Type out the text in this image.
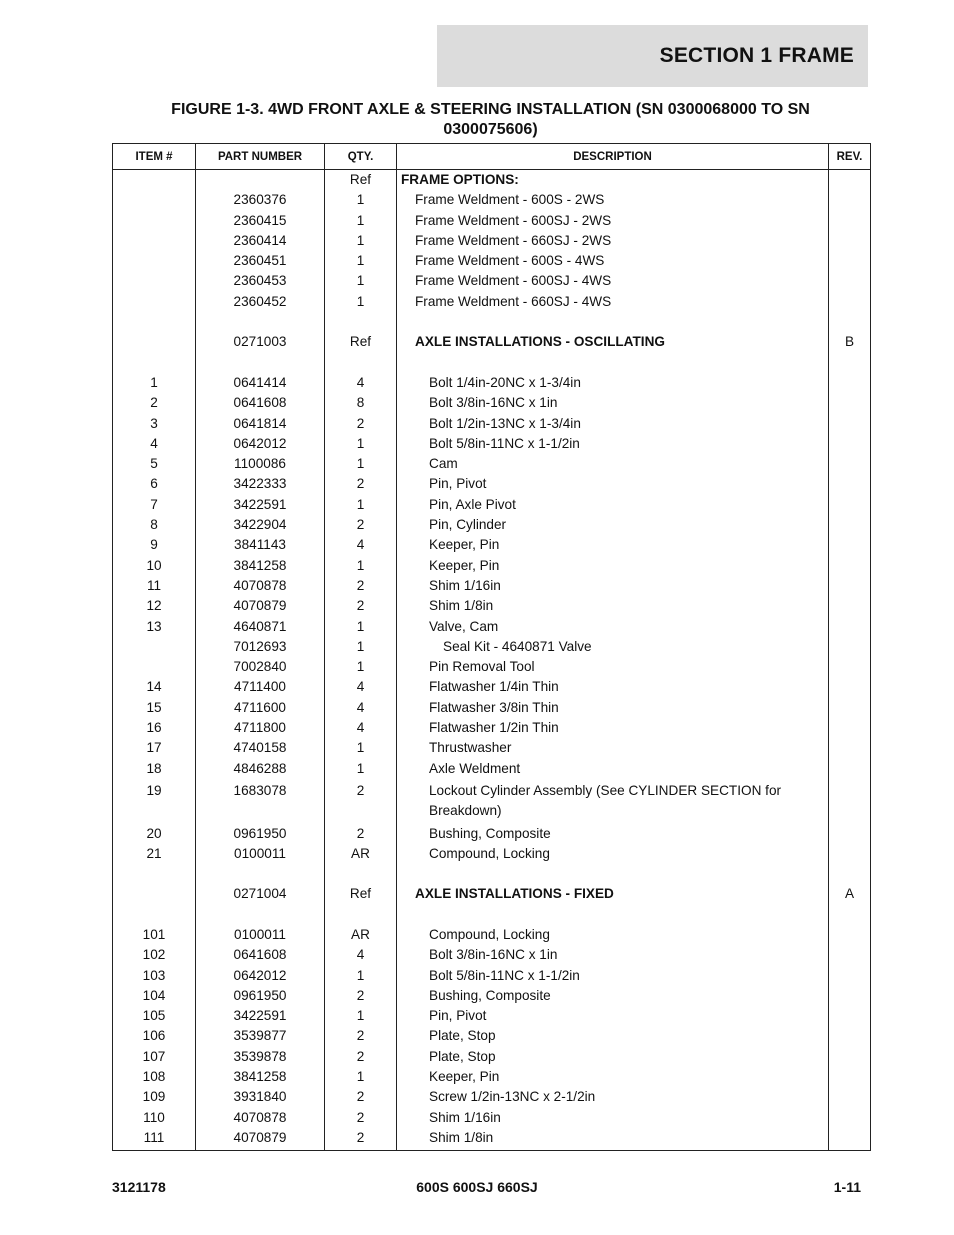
SECTION 1 FRAME
FIGURE 1-3. 4WD FRONT AXLE & STEERING INSTALLATION (SN 0300068000 TO SN
0300075606)
ITEM #	PART NUMBER	QTY.	DESCRIPTION	REV.
		Ref	FRAME OPTIONS:	
	2360376	1	Frame Weldment - 600S - 2WS	
	2360415	1	Frame Weldment - 600SJ - 2WS	
	2360414	1	Frame Weldment - 660SJ - 2WS	
	2360451	1	Frame Weldment - 600S - 4WS	
	2360453	1	Frame Weldment - 600SJ - 4WS	
	2360452	1	Frame Weldment - 660SJ - 4WS	

	0271003	Ref	AXLE INSTALLATIONS - OSCILLATING	B

1	0641414	4	Bolt 1/4in-20NC x 1-3/4in	
2	0641608	8	Bolt 3/8in-16NC x 1in	
3	0641814	2	Bolt 1/2in-13NC x 1-3/4in	
4	0642012	1	Bolt 5/8in-11NC x 1-1/2in	
5	1100086	1	Cam	
6	3422333	2	Pin, Pivot	
7	3422591	1	Pin, Axle Pivot	
8	3422904	2	Pin, Cylinder	
9	3841143	4	Keeper, Pin	
10	3841258	1	Keeper, Pin	
11	4070878	2	Shim 1/16in	
12	4070879	2	Shim 1/8in	
13	4640871	1	Valve, Cam	
	7012693	1	Seal Kit - 4640871 Valve	
	7002840	1	Pin Removal Tool	
14	4711400	4	Flatwasher 1/4in Thin	
15	4711600	4	Flatwasher 3/8in Thin	
16	4711800	4	Flatwasher 1/2in Thin	
17	4740158	1	Thrustwasher	
18	4846288	1	Axle Weldment	
19	1683078	2	Lockout Cylinder Assembly (See CYLINDER SECTION for Breakdown)	
20	0961950	2	Bushing, Composite	
21	0100011	AR	Compound, Locking	

	0271004	Ref	AXLE INSTALLATIONS - FIXED	A

101	0100011	AR	Compound, Locking	
102	0641608	4	Bolt 3/8in-16NC x 1in	
103	0642012	1	Bolt 5/8in-11NC x 1-1/2in	
104	0961950	2	Bushing, Composite	
105	3422591	1	Pin, Pivot	
106	3539877	2	Plate, Stop	
107	3539878	2	Plate, Stop	
108	3841258	1	Keeper, Pin	
109	3931840	2	Screw 1/2in-13NC x 2-1/2in	
110	4070878	2	Shim 1/16in	
111	4070879	2	Shim 1/8in	
3121178	600S 600SJ 660SJ	1-11
